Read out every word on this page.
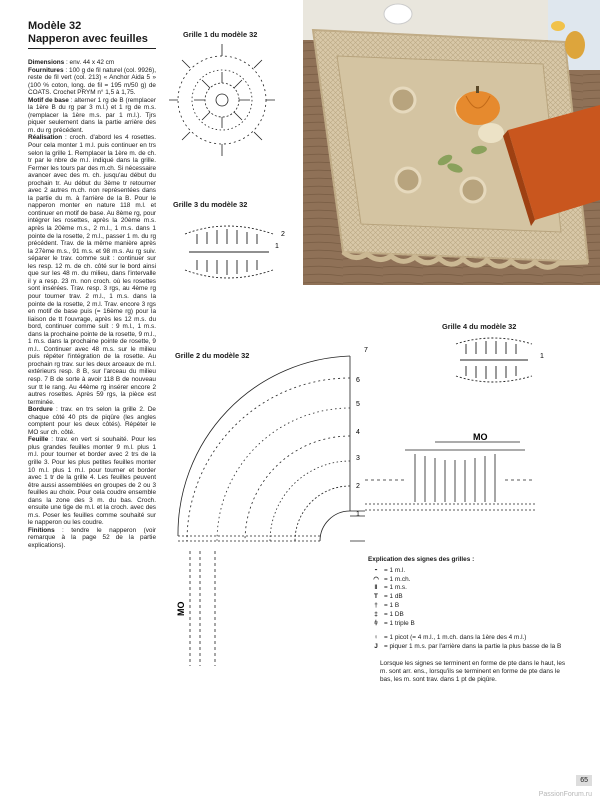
Modèle 32
Napperon avec feuilles

Dimensions : env. 44 x 42 cm

Fournitures : 100 g de fil naturel (col. 9926), reste de fil vert (col. 213) « Anchor Aida 5 » (100 % coton, long. de fil = 195 m/50 g) de COATS. Crochet PRYM n° 1,5 à 1,75.

Motif de base : alterner 1 rg de B (remplacer la 1ère B du rg par 3 m.l.) et 1 rg de m.s. (remplacer la 1ère m.s. par 1 m.l.). Tjrs piquer seulement dans la partie arrière des m. du rg précédent.

Réalisation : croch. d'abord les 4 rosettes. Pour cela monter 1 m.l. puis continuer en trs selon la grille 1. Remplacer la 1ère m. de ch. tr par le nbre de m.l. indiqué dans la grille. Fermer les tours par des m.ch. Si nécessaire avancer avec des m. ch. jusqu'au début du prochain tr. Au début du 3ème tr retourner avec 2 autres m.ch. non représentées dans la partie du m. à l'arrière de la B. Pour le napperon monter en nature 118 m.l. et continuer en motif de base. Au 8ème rg, pour intégrer les rosettes, après la 20ème m.s. après la 20ème m.s., 2 m.l., 1 m.s. dans 1 pointe de la rosette, 2 m.l., passer 1 m. du rg précédent. Trav. de la même manière après la 27ème m.s., 91 m.s. et 98 m.s. Au rg suiv. séparer le trav. comme suit : continuer sur les resp. 12 m. de ch. côté sur le bord ainsi que sur les 48 m. du milieu, dans l'intervalle il y a resp. 23 m. non croch. où les rosettes sont insérées. Trav. resp. 3 rgs, au 4ème rg pour tourner trav. 2 m.l., 1 m.s. dans la pointe de la rosette, 2 m.l. Trav. encore 3 rgs en motif de base puis (= 16ème rg) pour la liaison de tt l'ouvrage, après les 12 m.s. du bord, continuer comme suit : 9 m.l., 1 m.s. dans la prochaine pointe de la rosette, 9 m.l., 1 m.s. dans la prochaine pointe de rosette, 9 m.l.. Continuer avec 48 m.s. sur le milieu puis répéter l'intégration de la rosette. Au prochain rg trav. sur les deux arceaux de m.l. extérieurs resp. 8 B, sur l'arceau du milieu resp. 7 B de sorte à avoir 118 B de nouveau sur tt le rang. Au 44ème rg insérer encore 2 autres rosettes. Après 59 rgs, la pièce est terminée.

Bordure : trav. en trs selon la grille 2. De chaque côté 40 pts de piqûre (les angles comptent pour les deux côtés). Répéter le MO sur ch. côté.

Feuille : trav. en vert si souhaité. Pour les plus grandes feuilles monter 9 m.l. plus 1 m.l. pour tourner et border avec 2 trs de la grille 3. Pour les plus petites feuilles monter 10 m.l. plus 1 m.l. pour tourner et border avec 1 tr de la grille 4. Les feuilles peuvent être aussi assemblées en groupes de 2 ou 3 feuilles au choix. Pour cela coudre ensemble dans la zone des 3 m. du bas. Croch. ensuite une tige de m.l. et la croch. avec des m.s. Poser les feuilles comme souhaité sur le napperon ou les coudre.

Finitions : tendre le napperon (voir remarque à la page 52 de la partie explications).

Grille 1 du modèle 32
Grille 3 du modèle 32
2
1
Grille 4 du modèle 32
1
Grille 2 du modèle 32
6
5
4
3
2
1
7
MO
MO
Explication des signes des grilles :
⁃	= 1 m.l.
◠ = 1 m.ch.
‖	= 1 m.s.
T = 1 dB
† = 1 B
‡ = 1 DB
⫩ = 1 triple B
♀ = 1 picot (= 4 m.l., 1 m.ch. dans la 1ère des 4 m.l.)
J = piquer 1 m.s. par l'arrière dans la partie la plus basse de la B
Lorsque les signes se terminent en forme de pte dans le haut, les m. sont arr. ens., lorsqu'ils se terminent en forme de pte dans le bas, les m. sont trav. dans 1 pt de piqûre.
65
PassionForum.ru
